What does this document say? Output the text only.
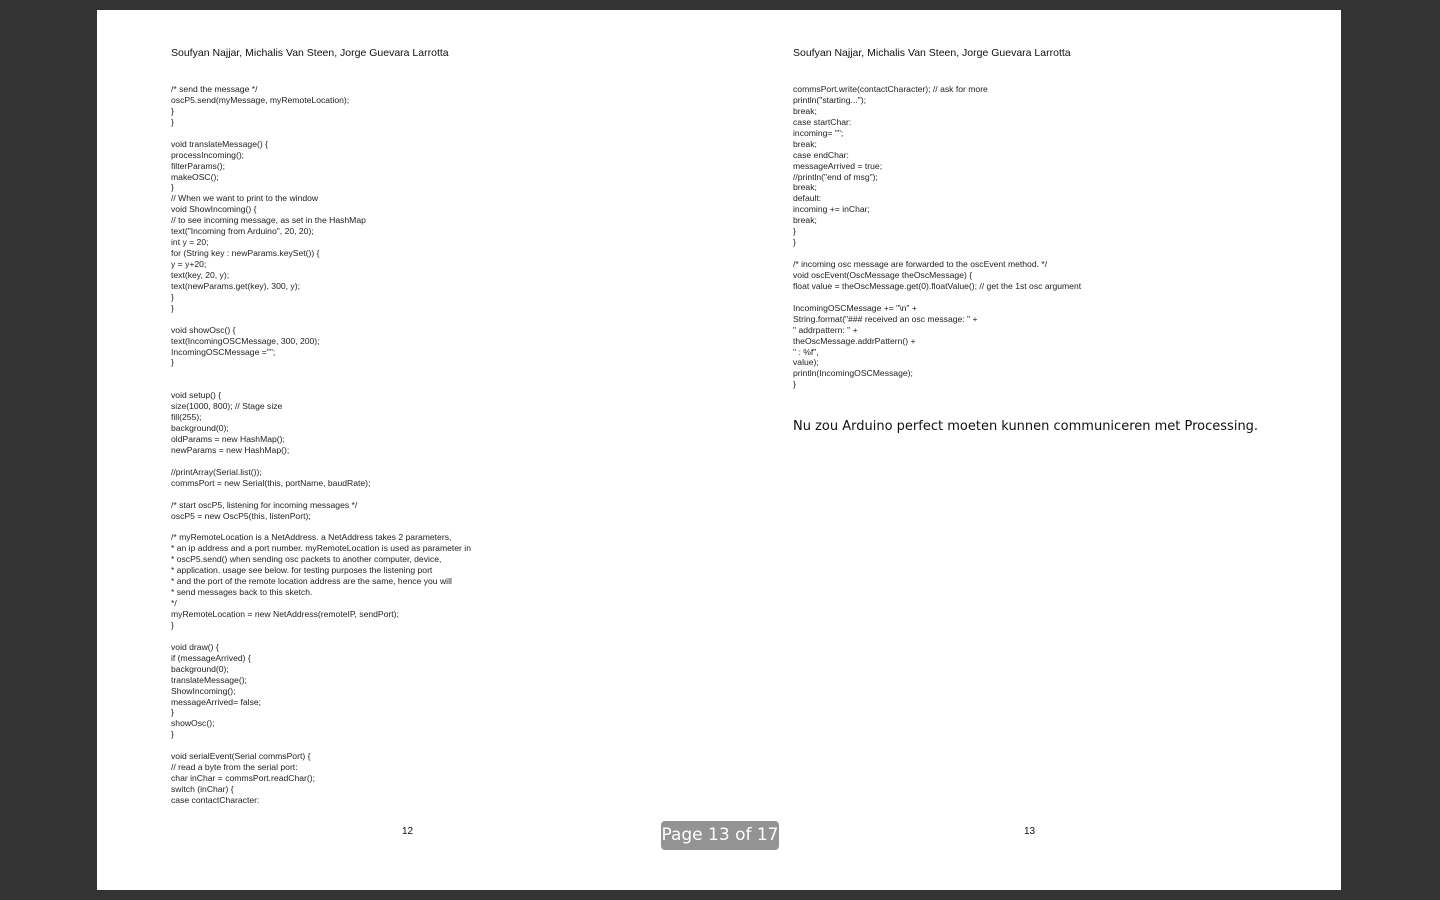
Soufyan Najjar, Michalis Van Steen, Jorge Guevara Larrotta
/* send the message */
oscP5.send(myMessage, myRemoteLocation);
}
}
void translateMessage() {
processIncoming();
filterParams();
makeOSC();
}
// When we want to print to the window
void ShowIncoming() {
// to see incoming message, as set in the HashMap
text("Incoming from Arduino", 20, 20);
int y = 20;
for (String key : newParams.keySet()) {
y = y+20;
text(key, 20, y);
text(newParams.get(key), 300, y);
}
}
void showOsc() {
text(IncomingOSCMessage, 300, 200);
IncomingOSCMessage ="";
}
void setup() {
size(1000, 800); // Stage size
fill(255);
background(0);
oldParams = new HashMap();
newParams = new HashMap();
//printArray(Serial.list());
commsPort = new Serial(this, portName, baudRate);
/* start oscP5, listening for incoming messages */
oscP5 = new OscP5(this, listenPort);
/* myRemoteLocation is a NetAddress. a NetAddress takes 2 parameters,
* an ip address and a port number. myRemoteLocation is used as parameter in
* oscP5.send() when sending osc packets to another computer, device,
* application. usage see below. for testing purposes the listening port
* and the port of the remote location address are the same, hence you will
* send messages back to this sketch.
*/
myRemoteLocation = new NetAddress(remoteIP, sendPort);
}
void draw() {
if (messageArrived) {
background(0);
translateMessage();
ShowIncoming();
messageArrived= false;
}
showOsc();
}
void serialEvent(Serial commsPort) {
// read a byte from the serial port:
char inChar = commsPort.readChar();
switch (inChar) {
case contactCharacter:
12
Soufyan Najjar, Michalis Van Steen, Jorge Guevara Larrotta
commsPort.write(contactCharacter); // ask for more
println("starting...");
break;
case startChar:
incoming= "";
break;
case endChar:
messageArrived = true;
//println("end of msg");
break;
default:
incoming += inChar;
break;
}
}
/* incoming osc message are forwarded to the oscEvent method. */
void oscEvent(OscMessage theOscMessage) {
float value = theOscMessage.get(0).floatValue(); // get the 1st osc argument
IncomingOSCMessage += "\n" +
String.format("### received an osc message: " +
" addrpattern: " +
theOscMessage.addrPattern() +
" : %f",
value);
println(IncomingOSCMessage);
}
Nu zou Arduino perfect moeten kunnen communiceren met Processing.
13
Page 13 of 17
